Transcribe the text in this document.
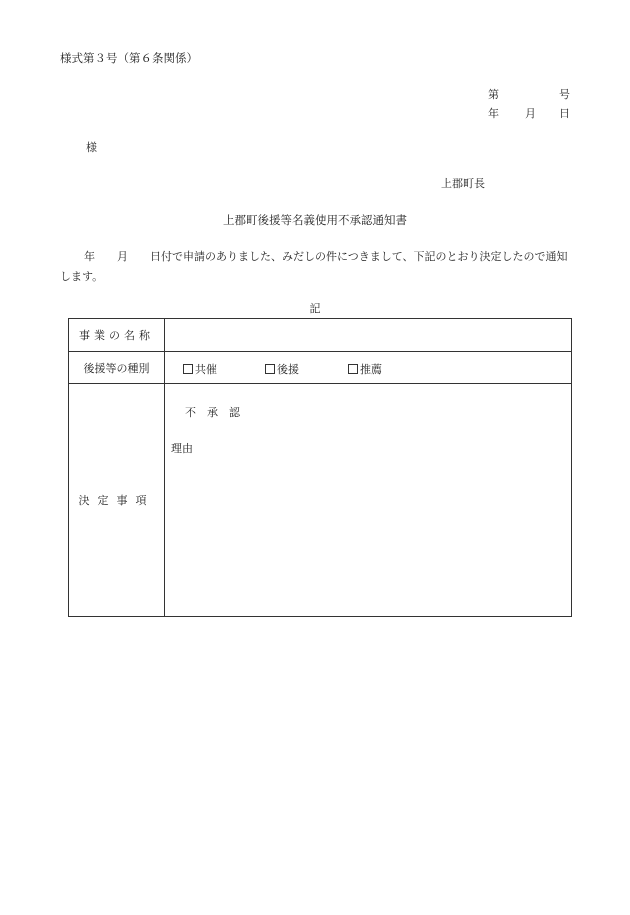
様式第３号（第６条関係）
第	号
年 月 日
様
上郡町長
上郡町後援等名義使用不承認通知書
年　　月　　日付で申請のありました、みだしの件につきまして、下記のとおり決定したので通知します。
記
事業の名称	
後援等の種別	共催 後援 推薦

決定事項	不承認
理由
